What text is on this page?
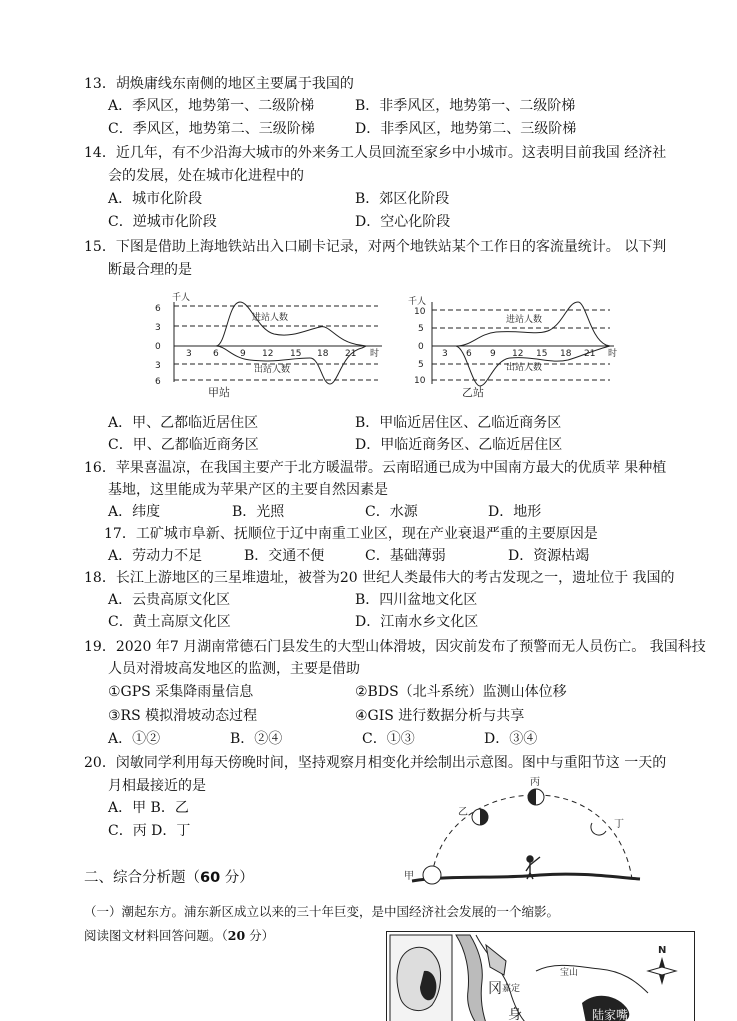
13．胡焕庸线东南侧的地区主要属于我国的
A．季风区，地势第一、二级阶梯	B．非季风区，地势第一、二级阶梯
C．季风区，地势第二、三级阶梯	D．非季风区，地势第二、三级阶梯
14．近几年，有不少沿海大城市的外来务工人员回流至家乡中小城市。这表明目前我国 经济社
会的发展，处在城市化进程中的
A．城市化阶段	B．郊区化阶段
C．逆城市化阶段	D．空心化阶段
15．下图是借助上海地铁站出入口刷卡记录，对两个地铁站某个工作日的客流量统计。 以下判
断最合理的是
千人
6
3
0
3
6
3 6 9 12 15 18 21 时
进站人数
出站人数
千人
10
5
0
5
10
3 6 9 12 15 18 21 时
进站人数
出站人数
甲站	乙站
A．甲、乙都临近居住区	B．甲临近居住区、乙临近商务区
C．甲、乙都临近商务区	D．甲临近商务区、乙临近居住区
16．苹果喜温凉，在我国主要产于北方暖温带。云南昭通已成为中国南方最大的优质苹 果种植
基地，这里能成为苹果产区的主要自然因素是
A．纬度	B．光照	C．水源	D．地形
17．工矿城市阜新、抚顺位于辽中南重工业区，现在产业衰退严重的主要原因是
A．劳动力不足	B．交通不便	C．基础薄弱	D．资源枯竭
18．长江上游地区的三星堆遗址，被誉为20 世纪人类最伟大的考古发现之一，遗址位于 我国的
A．云贵高原文化区	B．四川盆地文化区
C．黄土高原文化区	D．江南水乡文化区
19．2020 年7 月湖南常德石门县发生的大型山体滑坡，因灾前发布了预警而无人员伤亡。 我国科技
人员对滑坡高发地区的监测，主要是借助
①GPS 采集降雨量信息	②BDS（北斗系统）监测山体位移
③RS 模拟滑坡动态过程	④GIS 进行数据分析与共享
A．①②	B．②④	C．①③	D．③④
20．闵敏同学利用每天傍晚时间，坚持观察月相变化并绘制出示意图。图中与重阳节这 一天的
月相最接近的是
A．甲 B．乙
C．丙 D．丁
甲
乙
丙
丁
二、综合分析题（60 分）
（一）潮起东方。浦东新区成立以来的三十年巨变，是中国经济社会发展的一个缩影。
阅读图文材料回答问题。（20 分）
嘉定
宝山
冈
身	陆家嘴
N
